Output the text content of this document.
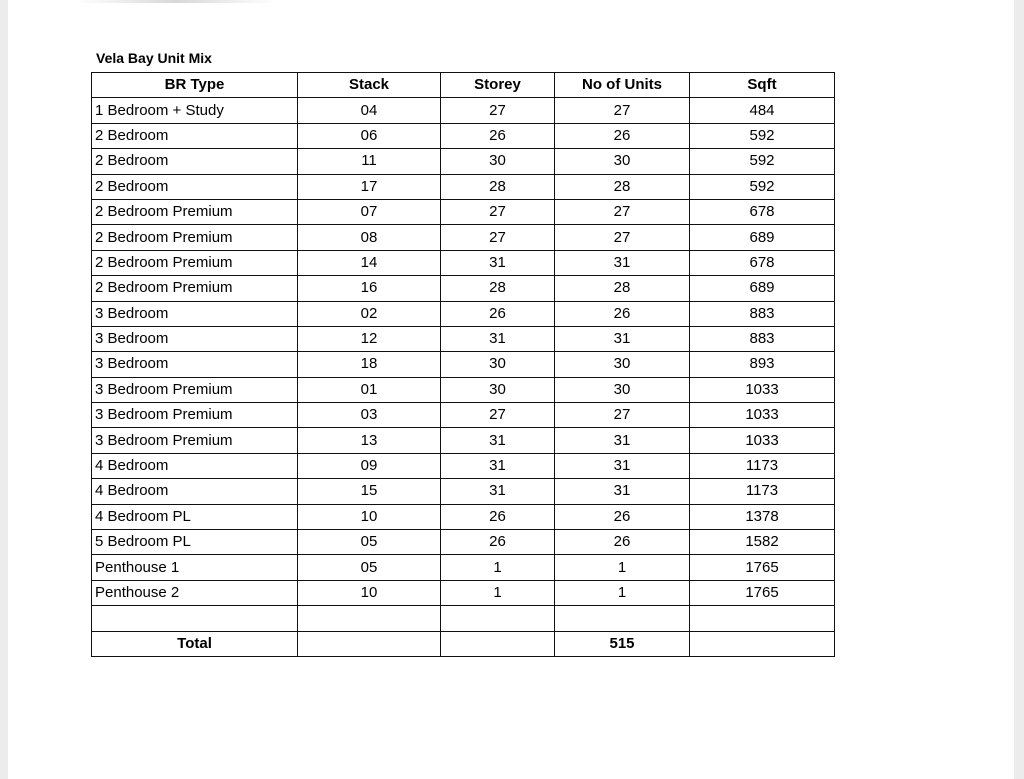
Vela Bay Unit Mix
BR Type	Stack	Storey	No of Units	Sqft
1 Bedroom + Study	04	27	27	484
2 Bedroom	06	26	26	592
2 Bedroom	11	30	30	592
2 Bedroom	17	28	28	592
2 Bedroom Premium	07	27	27	678
2 Bedroom Premium	08	27	27	689
2 Bedroom Premium	14	31	31	678
2 Bedroom Premium	16	28	28	689
3 Bedroom	02	26	26	883
3 Bedroom	12	31	31	883
3 Bedroom	18	30	30	893
3 Bedroom Premium	01	30	30	1033
3 Bedroom Premium	03	27	27	1033
3 Bedroom Premium	13	31	31	1033
4 Bedroom	09	31	31	1173
4 Bedroom	15	31	31	1173
4 Bedroom PL	10	26	26	1378
5 Bedroom PL	05	26	26	1582
Penthouse 1	05	1	1	1765
Penthouse 2	10	1	1	1765

Total			515	
